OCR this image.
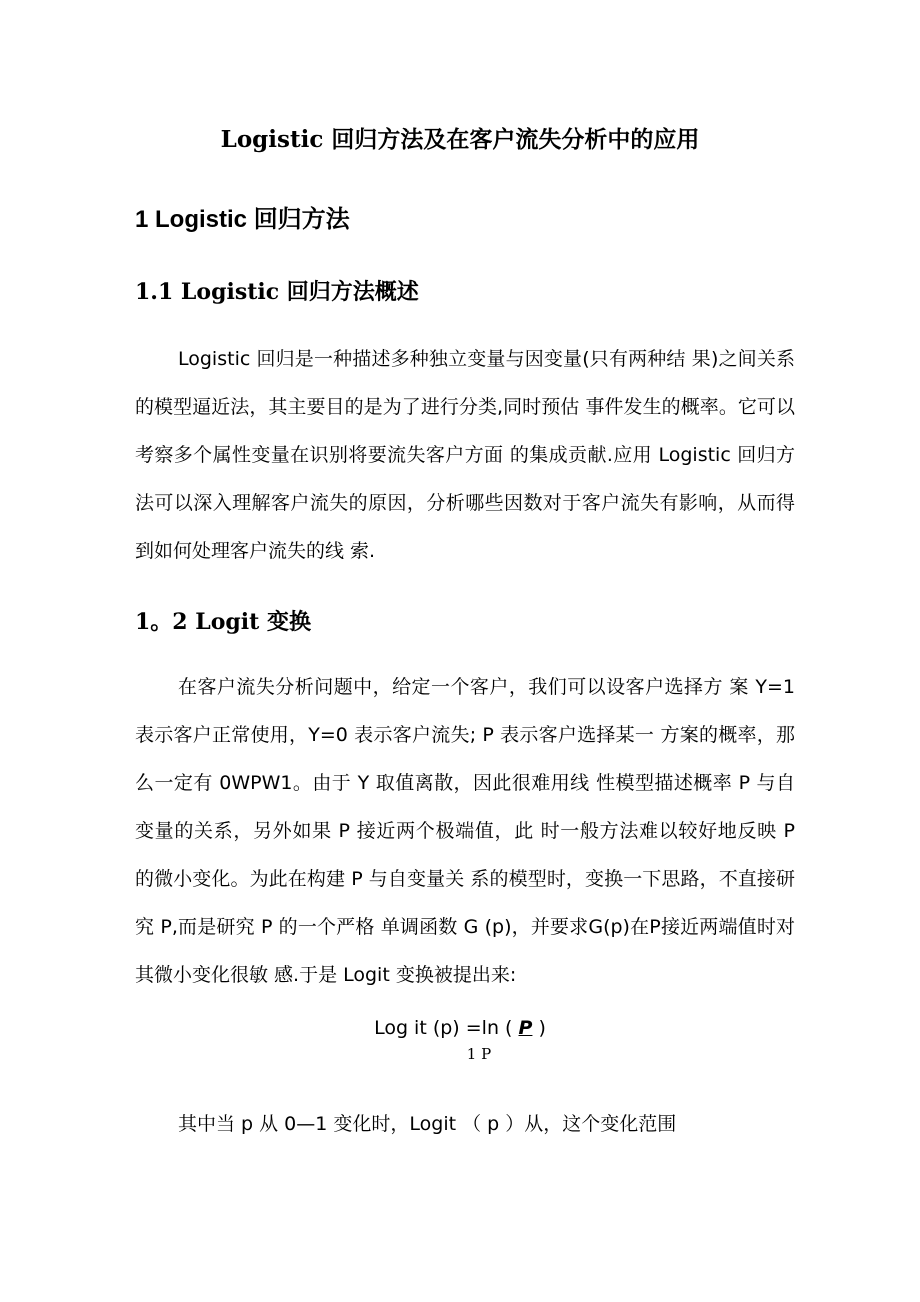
Logistic 回归方法及在客户流失分析中的应用
1 Logistic 回归方法
1.1 Logistic 回归方法概述
Logistic 回归是一种描述多种独立变量与因变量(只有两种结 果)之间关系的模型逼近法，其主要目的是为了进行分类,同时预估 事件发生的概率。它可以考察多个属性变量在识别将要流失客户方面 的集成贡献.应用 Logistic 回归方法可以深入理解客户流失的原因，分析哪些因数对于客户流失有影响，从而得到如何处理客户流失的线 索.
1。2 Logit 变换
在客户流失分析问题中，给定一个客户，我们可以设客户选择方 案 Y=1 表示客户正常使用，Y=0 表示客户流失; P 表示客户选择某一 方案的概率，那么一定有 0WPW1。由于 Y 取值离散，因此很难用线 性模型描述概率 P 与自变量的关系，另外如果 P 接近两个极端值，此 时一般方法难以较好地反映 P 的微小变化。为此在构建 P 与自变量关 系的模型时，变换一下思路，不直接研究 P,而是研究 P 的一个严格 单调函数 G (p)，并要求G(p)在P接近两端值时对其微小变化很敏 感.于是 Logit 变换被提出来:
Log it (p) =ln ( P )
1 P
其中当 p 从 0—1 变化时，Logit （ p ）从，这个变化范围
